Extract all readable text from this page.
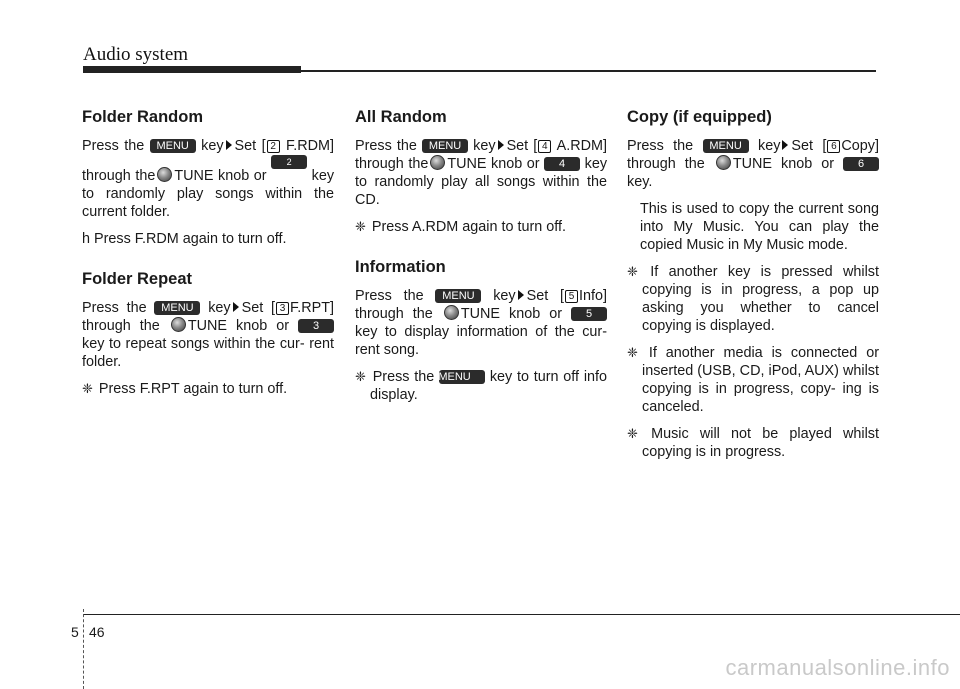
Audio system
Folder Random

Press the MENU key Set [ 2 F.RDM] through the TUNE knob or 2 RDM key to randomly play songs within the current folder.

h Press F.RDM again to turn off.

Folder Repeat

Press the MENU key Set [ 3 F.RPT] through the TUNE knob or 3 key to repeat songs within the cur- rent folder.

❈ Press F.RPT again to turn off.

All Random

Press the MENU key Set [ 4 A.RDM] through the TUNE knob or 4 key to randomly play all songs within the CD.

❈ Press A.RDM again to turn off.

Information

Press the MENU key Set [ 5 Info] through the TUNE knob or 5 key to display information of the cur- rent song.

❈ Press the MENU key to turn off info display.

Copy (if equipped)

Press the MENU key Set [ 6 Copy] through the TUNE knob or 6 key.

This is used to copy the current song into My Music. You can play the copied Music in My Music mode.

❈ If another key is pressed whilst copying is in progress, a pop up asking you whether to cancel copying is displayed.

❈ If another media is connected or inserted (USB, CD, iPod, AUX) whilst copying is in progress, copy- ing is canceled.

❈ Music will not be played whilst copying is in progress.

5 46
carmanualsonline.info
